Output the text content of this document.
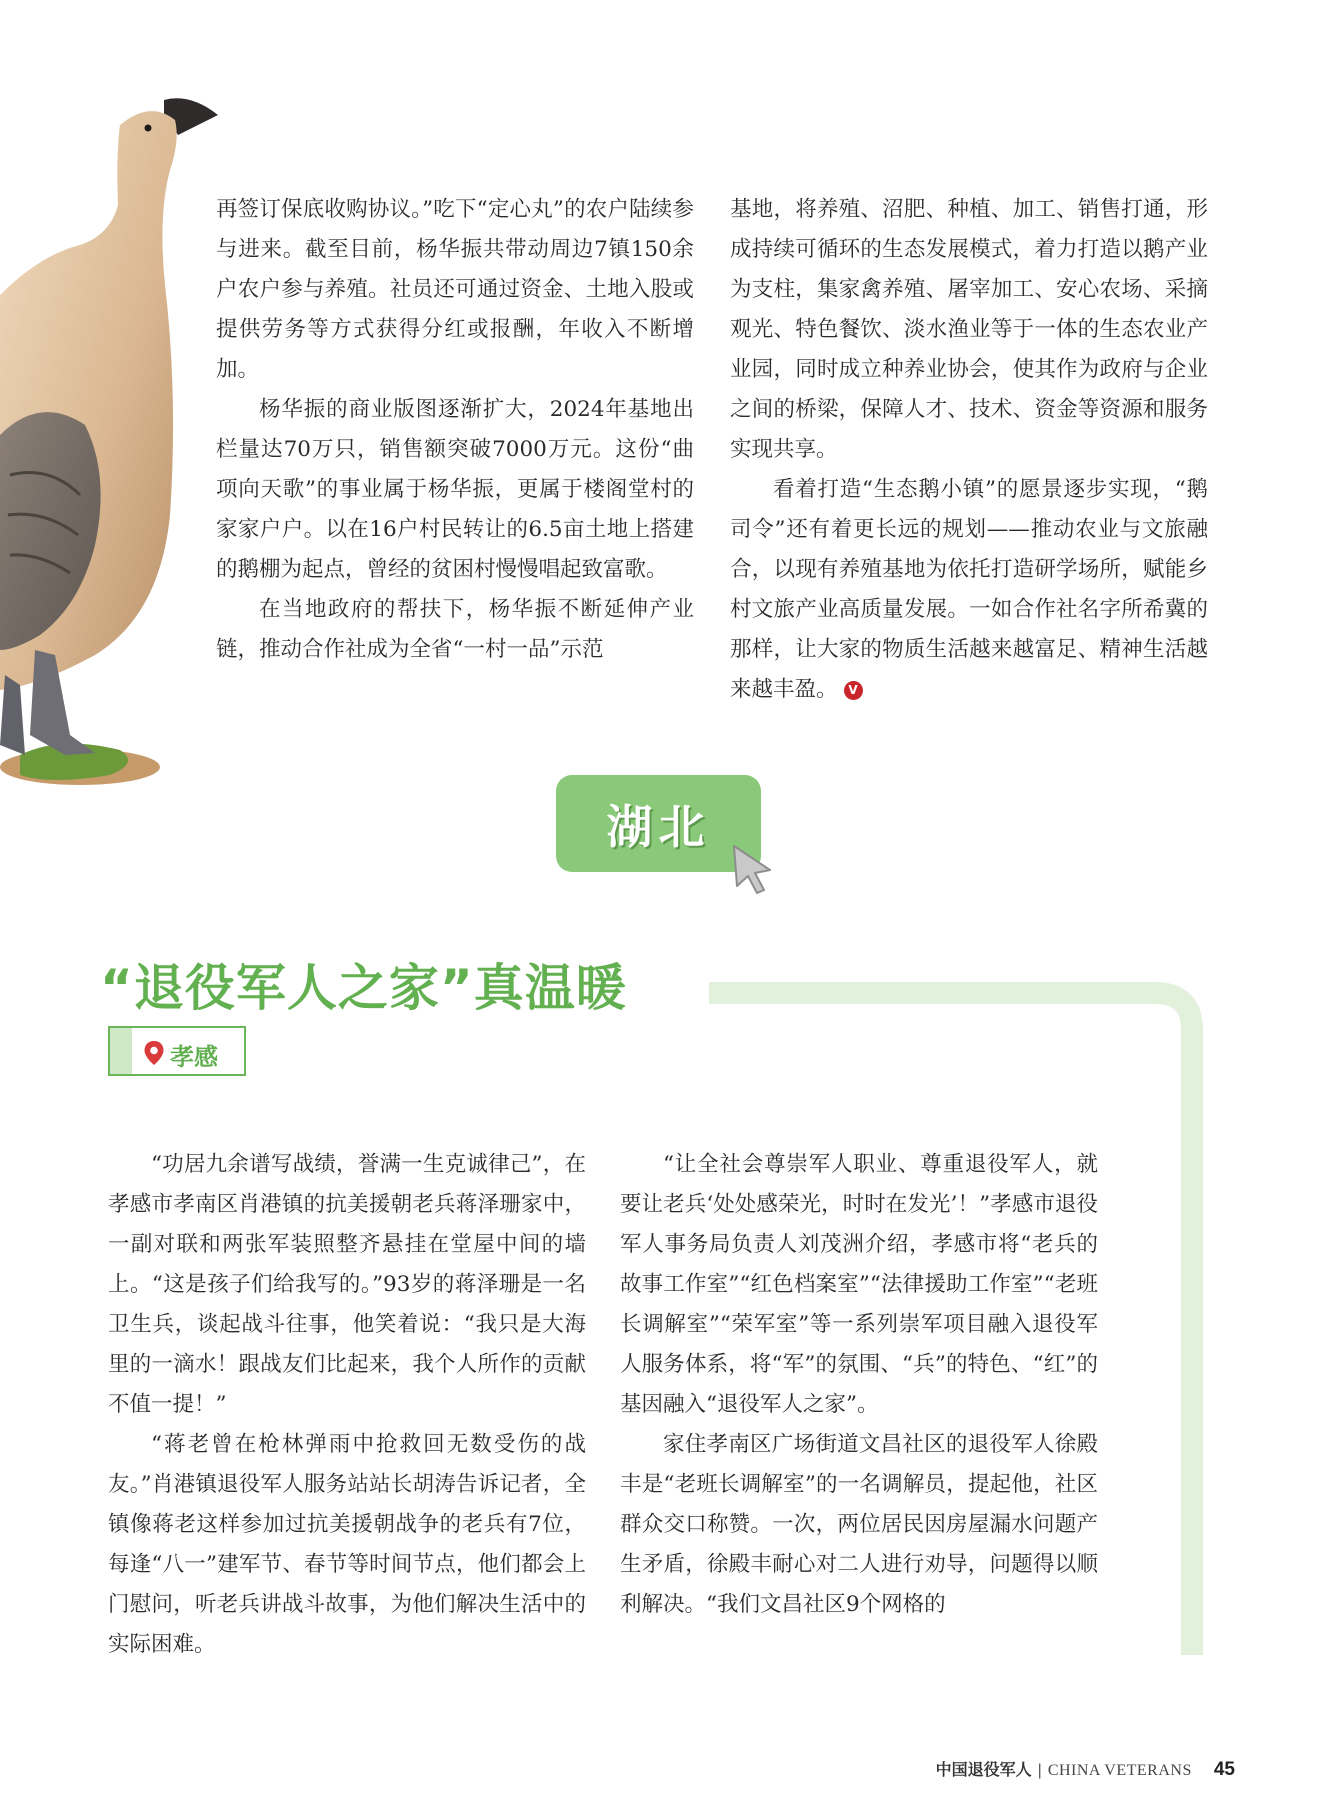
再签订保底收购协议。”吃下“定心丸”的农户陆续参与进来。截至目前，杨华振共带动周边7镇150余户农户参与养殖。社员还可通过资金、土地入股或提供劳务等方式获得分红或报酬，年收入不断增加。

杨华振的商业版图逐渐扩大，2024年基地出栏量达70万只，销售额突破7000万元。这份“曲项向天歌”的事业属于杨华振，更属于楼阁堂村的家家户户。以在16户村民转让的6.5亩土地上搭建的鹅棚为起点，曾经的贫困村慢慢唱起致富歌。

在当地政府的帮扶下，杨华振不断延伸产业链，推动合作社成为全省“一村一品”示范

基地，将养殖、沼肥、种植、加工、销售打通，形成持续可循环的生态发展模式，着力打造以鹅产业为支柱，集家禽养殖、屠宰加工、安心农场、采摘观光、特色餐饮、淡水渔业等于一体的生态农业产业园，同时成立种养业协会，使其作为政府与企业之间的桥梁，保障人才、技术、资金等资源和服务实现共享。

看着打造“生态鹅小镇”的愿景逐步实现，“鹅司令”还有着更长远的规划——推动农业与文旅融合，以现有养殖基地为依托打造研学场所，赋能乡村文旅产业高质量发展。一如合作社名字所希冀的那样，让大家的物质生活越来越富足、精神生活越来越丰盈。 V

湖北
“退役军人之家”真温暖
孝感

“功居九余谱写战绩，誉满一生克诚律己”，在孝感市孝南区肖港镇的抗美援朝老兵蒋泽珊家中，一副对联和两张军装照整齐悬挂在堂屋中间的墙上。“这是孩子们给我写的。”93岁的蒋泽珊是一名卫生兵，谈起战斗往事，他笑着说：“我只是大海里的一滴水！跟战友们比起来，我个人所作的贡献不值一提！”

“蒋老曾在枪林弹雨中抢救回无数受伤的战友。”肖港镇退役军人服务站站长胡涛告诉记者，全镇像蒋老这样参加过抗美援朝战争的老兵有7位，每逢“八一”建军节、春节等时间节点，他们都会上门慰问，听老兵讲战斗故事，为他们解决生活中的实际困难。

“让全社会尊崇军人职业、尊重退役军人，就要让老兵‘处处感荣光，时时在发光’！”孝感市退役军人事务局负责人刘茂洲介绍，孝感市将“老兵的故事工作室”“红色档案室”“法律援助工作室”“老班长调解室”“荣军室”等一系列崇军项目融入退役军人服务体系，将“军”的氛围、“兵”的特色、“红”的基因融入“退役军人之家”。

家住孝南区广场街道文昌社区的退役军人徐殿丰是“老班长调解室”的一名调解员，提起他，社区群众交口称赞。一次，两位居民因房屋漏水问题产生矛盾，徐殿丰耐心对二人进行劝导，问题得以顺利解决。“我们文昌社区9个网格的

中国退役军人 | CHINA VETERANS 45
